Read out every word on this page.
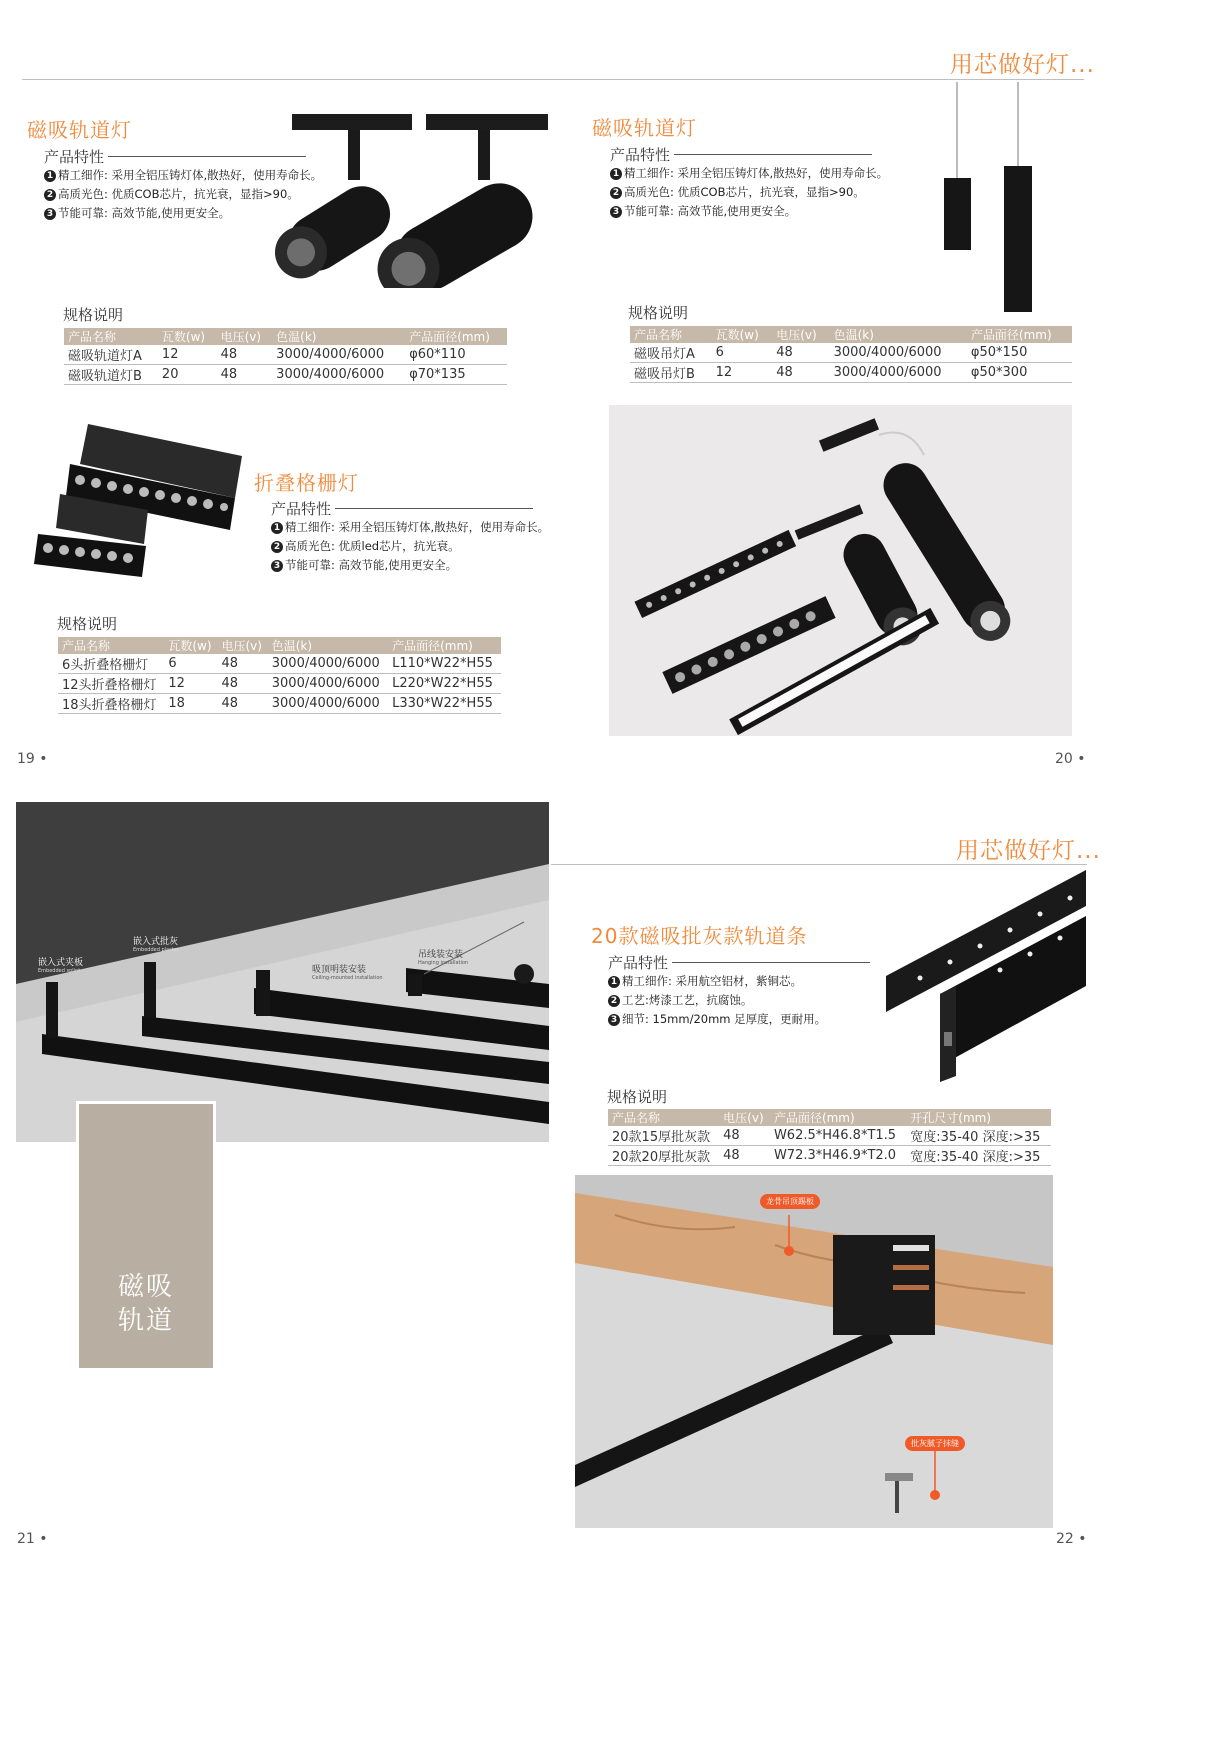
用芯做好灯...
磁吸轨道灯
产品特性
1 精工细作: 采用全铝压铸灯体,散热好，使用寿命长。
2 高质光色: 优质COB芯片，抗光衰，显指>90。
3 节能可靠: 高效节能,使用更安全。
规格说明
产品名称	瓦数(w)	电压(v)	色温(k)	产品面径(mm)
磁吸轨道灯A	12	48	3000/4000/6000	φ60*110
磁吸轨道灯B	20	48	3000/4000/6000	φ70*135
折叠格栅灯
产品特性
1 精工细作: 采用全铝压铸灯体,散热好，使用寿命长。
2 高质光色: 优质led芯片，抗光衰。
3 节能可靠: 高效节能,使用更安全。
规格说明
产品名称	瓦数(w)	电压(v)	色温(k)	产品面径(mm)
6头折叠格栅灯	6	48	3000/4000/6000	L110*W22*H55
12头折叠格栅灯	12	48	3000/4000/6000	L220*W22*H55
18头折叠格栅灯	18	48	3000/4000/6000	L330*W22*H55
19 •
磁吸轨道灯
产品特性
1 精工细作: 采用全铝压铸灯体,散热好，使用寿命长。
2 高质光色: 优质COB芯片，抗光衰，显指>90。
3 节能可靠: 高效节能,使用更安全。
规格说明
产品名称	瓦数(w)	电压(v)	色温(k)	产品面径(mm)
磁吸吊灯A	6	48	3000/4000/6000	φ50*150
磁吸吊灯B	12	48	3000/4000/6000	φ50*300
20 •
嵌入式夹板
Embedded splint
嵌入式批灰
Embedded plaster
吸顶明装安装
Ceiling-mounted installation
吊线装安装
Hanging installation
磁吸
轨道
21 •
用芯做好灯...
20款磁吸批灰款轨道条
产品特性
1 精工细作: 采用航空铝材，紫铜芯。
2 工艺:烤漆工艺，抗腐蚀。
3 细节: 15mm/20mm 足厚度，更耐用。
规格说明
产品名称	电压(v)	产品面径(mm)	开孔尺寸(mm)
20款15厚批灰款	48	W62.5*H46.8*T1.5	宽度:35-40 深度:>35
20款20厚批灰款	48	W72.3*H46.9*T2.0	宽度:35-40 深度:>35
龙骨吊顶踢板
批灰腻子抹缝
22 •
